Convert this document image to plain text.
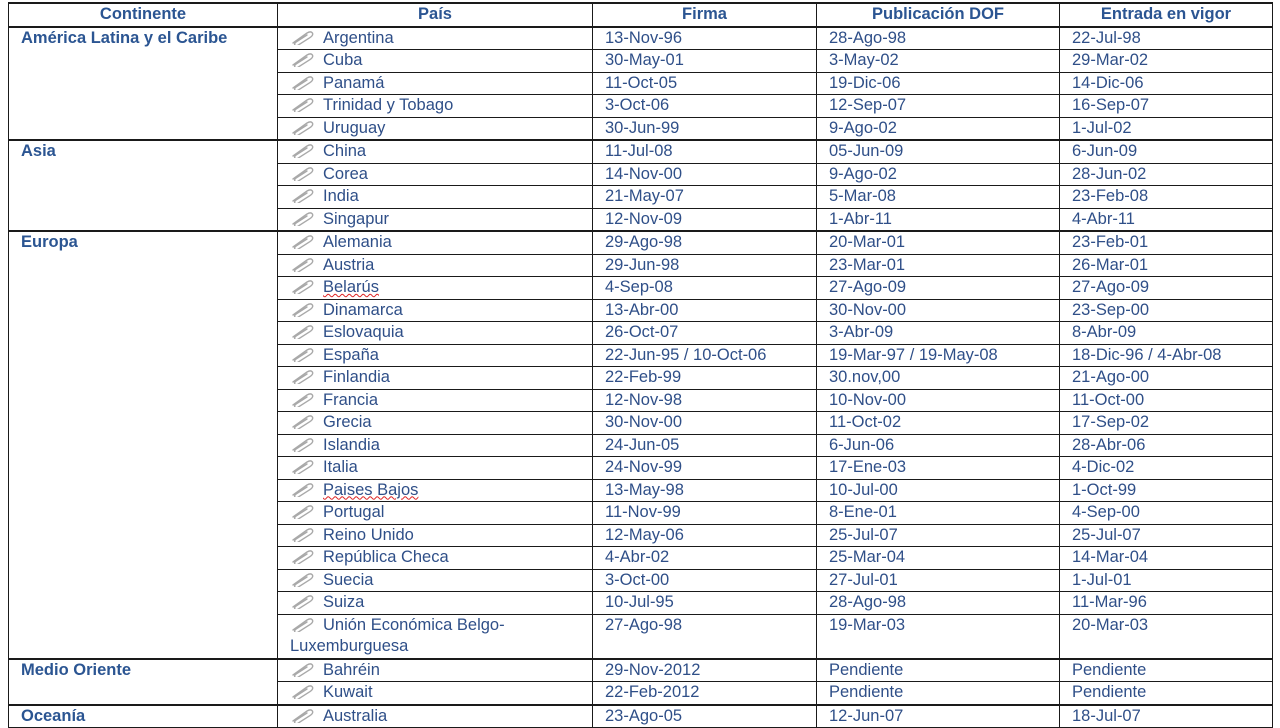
Continente	País	Firma	Publicación DOF	Entrada en vigor
América Latina y el Caribe	Argentina	13-Nov-96	28-Ago-98	22-Jul-98

Cuba	30-May-01	3-May-02	29-Mar-02

Panamá	11-Oct-05	19-Dic-06	14-Dic-06

Trinidad y Tobago	3-Oct-06	12-Sep-07	16-Sep-07

Uruguay	30-Jun-99	9-Ago-02	1-Jul-02
Asia	China	11-Jul-08	05-Jun-09	6-Jun-09

Corea	14-Nov-00	9-Ago-02	28-Jun-02

India	21-May-07	5-Mar-08	23-Feb-08

Singapur	12-Nov-09	1-Abr-11	4-Abr-11
Europa	Alemania	29-Ago-98	20-Mar-01	23-Feb-01

Austria	29-Jun-98	23-Mar-01	26-Mar-01

Belarús	4-Sep-08	27-Ago-09	27-Ago-09

Dinamarca	13-Abr-00	30-Nov-00	23-Sep-00

Eslovaquia	26-Oct-07	3-Abr-09	8-Abr-09

España	22-Jun-95 / 10-Oct-06	19-Mar-97 / 19-May-08	18-Dic-96 / 4-Abr-08

Finlandia	22-Feb-99	30.nov,00	21-Ago-00

Francia	12-Nov-98	10-Nov-00	11-Oct-00

Grecia	30-Nov-00	11-Oct-02	17-Sep-02

Islandia	24-Jun-05	6-Jun-06	28-Abr-06

Italia	24-Nov-99	17-Ene-03	4-Dic-02

Paises Bajos	13-May-98	10-Jul-00	1-Oct-99

Portugal	11-Nov-99	8-Ene-01	4-Sep-00

Reino Unido	12-May-06	25-Jul-07	25-Jul-07

República Checa	4-Abr-02	25-Mar-04	14-Mar-04

Suecia	3-Oct-00	27-Jul-01	1-Jul-01

Suiza	10-Jul-95	28-Ago-98	11-Mar-96

Unión Económica Belgo-Luxemburguesa	27-Ago-98	19-Mar-03	20-Mar-03
Medio Oriente	Bahréin	29-Nov-2012	Pendiente	Pendiente

Kuwait	22-Feb-2012	Pendiente	Pendiente
Oceanía	Australia	23-Ago-05	12-Jun-07	18-Jul-07
